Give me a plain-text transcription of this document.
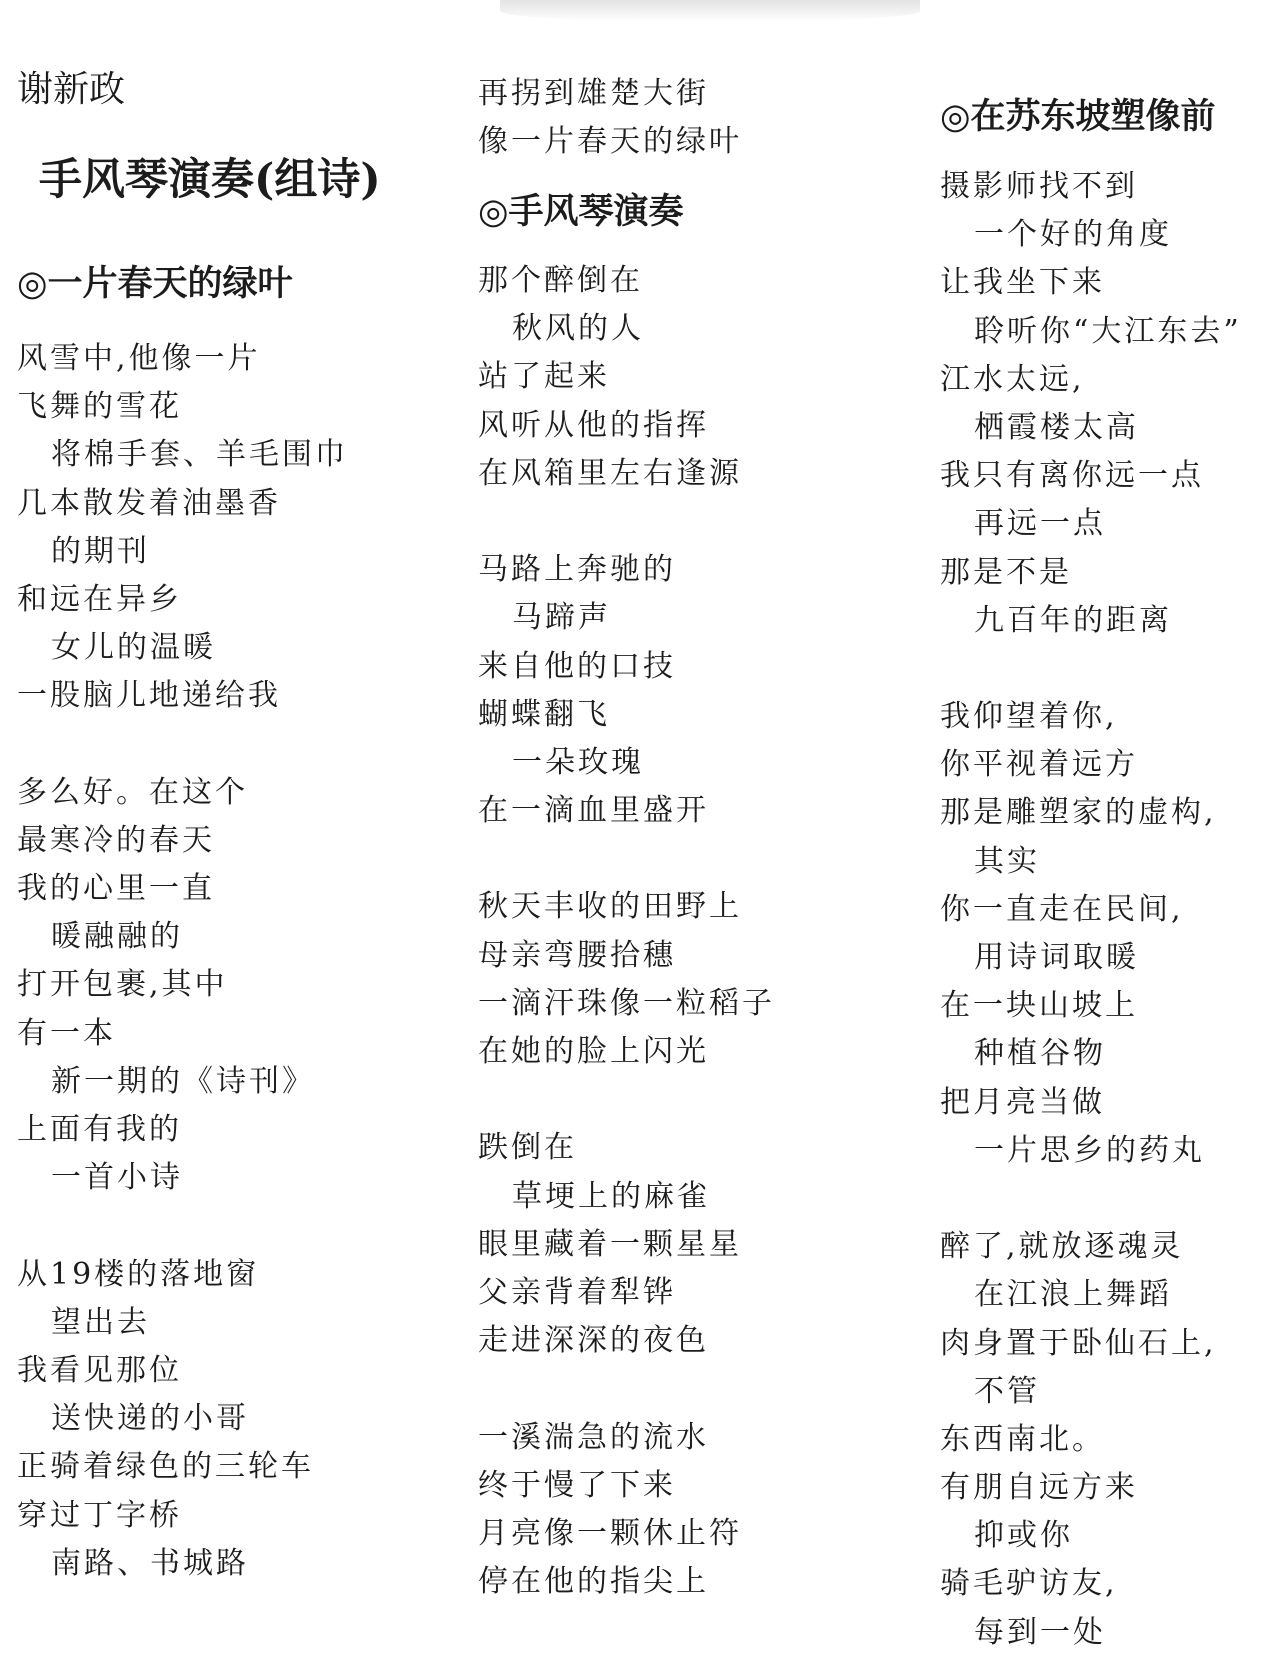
谢新政
手风琴演奏(组诗)
◎一片春天的绿叶
风雪中,他像一片
飞舞的雪花
将棉手套、羊毛围巾
几本散发着油墨香
的期刊
和远在异乡
女儿的温暖
一股脑儿地递给我
多么好。在这个
最寒冷的春天
我的心里一直
暖融融的
打开包裹,其中
有一本
新一期的《诗刊》
上面有我的
一首小诗
从19楼的落地窗
望出去
我看见那位
送快递的小哥
正骑着绿色的三轮车
穿过丁字桥
南路、书城路
再拐到雄楚大街
像一片春天的绿叶
◎手风琴演奏
那个醉倒在
秋风的人
站了起来
风听从他的指挥
在风箱里左右逢源
马路上奔驰的
马蹄声
来自他的口技
蝴蝶翻飞
一朵玫瑰
在一滴血里盛开
秋天丰收的田野上
母亲弯腰拾穗
一滴汗珠像一粒稻子
在她的脸上闪光
跌倒在
草埂上的麻雀
眼里藏着一颗星星
父亲背着犁铧
走进深深的夜色
一溪湍急的流水
终于慢了下来
月亮像一颗休止符
停在他的指尖上
◎在苏东坡塑像前
摄影师找不到
一个好的角度
让我坐下来
聆听你“大江东去”
江水太远,
栖霞楼太高
我只有离你远一点
再远一点
那是不是
九百年的距离
我仰望着你,
你平视着远方
那是雕塑家的虚构,
其实
你一直走在民间,
用诗词取暖
在一块山坡上
种植谷物
把月亮当做
一片思乡的药丸
醉了,就放逐魂灵
在江浪上舞蹈
肉身置于卧仙石上,
不管
东西南北。
有朋自远方来
抑或你
骑毛驴访友,
每到一处
